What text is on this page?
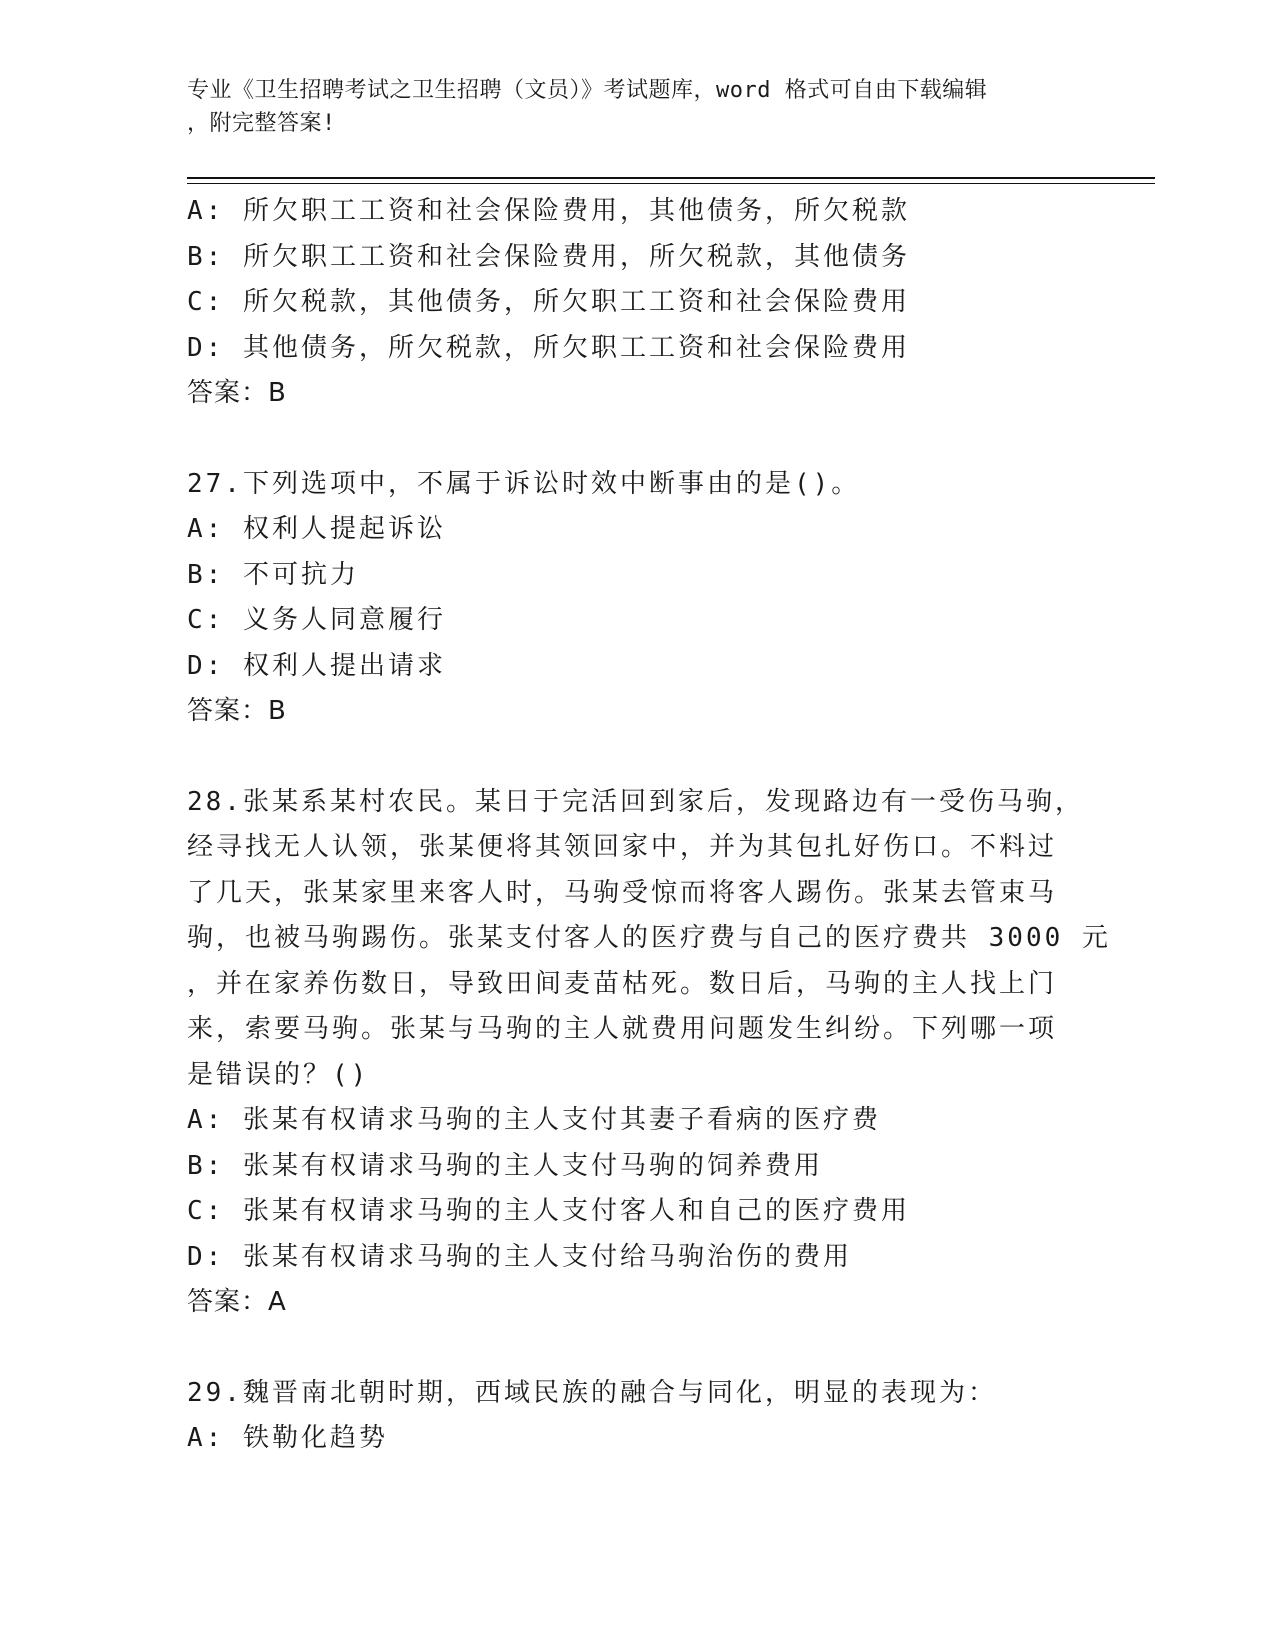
专业《卫生招聘考试之卫生招聘（文员）》考试题库，word 格式可自由下载编辑
，附完整答案!
A: 所欠职工工资和社会保险费用，其他债务，所欠税款
B: 所欠职工工资和社会保险费用，所欠税款，其他债务
C: 所欠税款，其他债务，所欠职工工资和社会保险费用
D: 其他债务，所欠税款，所欠职工工资和社会保险费用
答案：B
27.下列选项中，不属于诉讼时效中断事由的是()。
A: 权利人提起诉讼
B: 不可抗力
C: 义务人同意履行
D: 权利人提出请求
答案：B
28.张某系某村农民。某日于完活回到家后，发现路边有一受伤马驹，
经寻找无人认领，张某便将其领回家中，并为其包扎好伤口。不料过
了几天，张某家里来客人时，马驹受惊而将客人踢伤。张某去管束马
驹，也被马驹踢伤。张某支付客人的医疗费与自己的医疗费共 3000 元
，并在家养伤数日，导致田间麦苗枯死。数日后，马驹的主人找上门
来，索要马驹。张某与马驹的主人就费用问题发生纠纷。下列哪一项
是错误的？()
A: 张某有权请求马驹的主人支付其妻子看病的医疗费
B: 张某有权请求马驹的主人支付马驹的饲养费用
C: 张某有权请求马驹的主人支付客人和自己的医疗费用
D: 张某有权请求马驹的主人支付给马驹治伤的费用
答案：A
29.魏晋南北朝时期，西域民族的融合与同化，明显的表现为：
A: 铁勒化趋势
